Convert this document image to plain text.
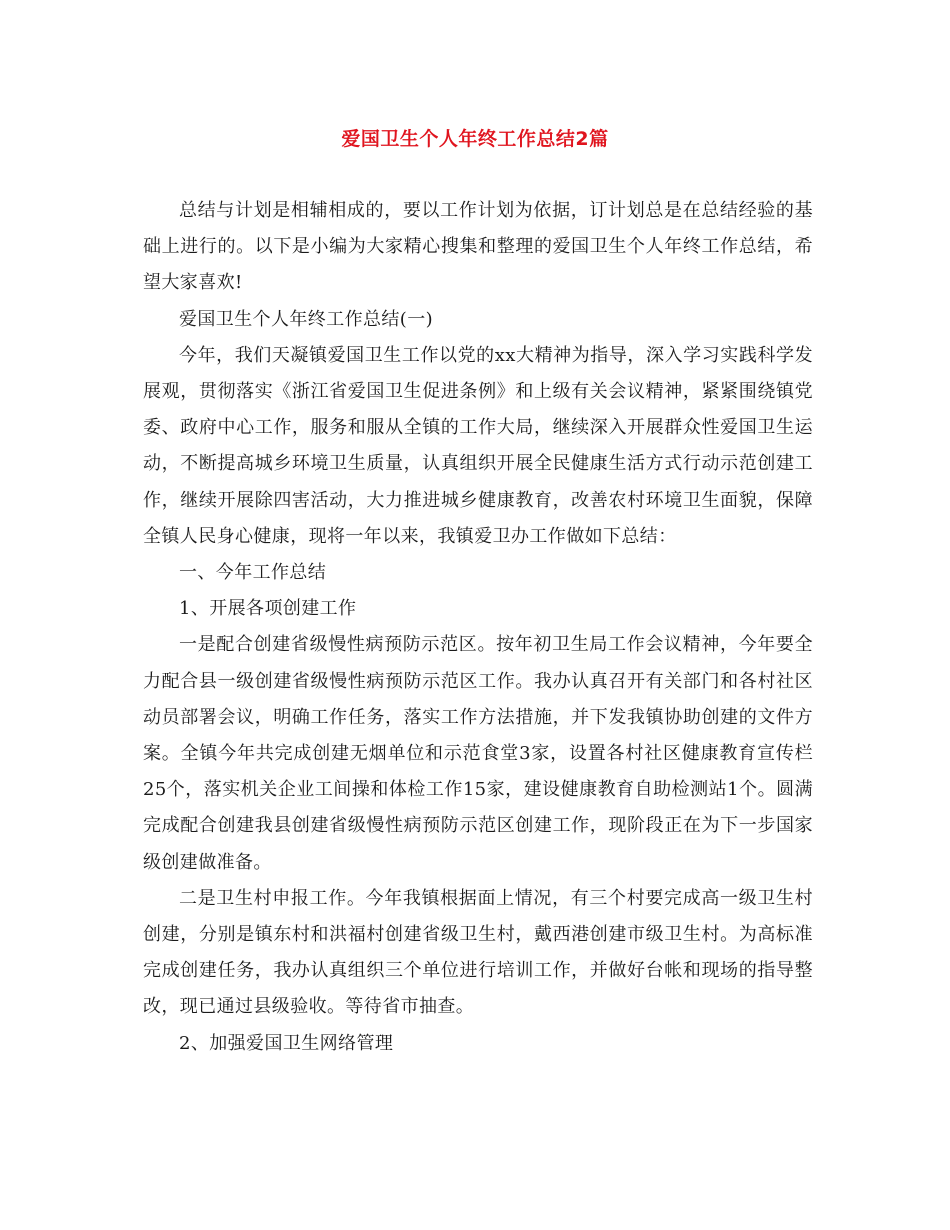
爱国卫生个人年终工作总结2篇

总结与计划是相辅相成的，要以工作计划为依据，订计划总是在总结经验的基础上进行的。以下是小编为大家精心搜集和整理的爱国卫生个人年终工作总结，希望大家喜欢!

爱国卫生个人年终工作总结(一)

今年，我们天凝镇爱国卫生工作以党的xx大精神为指导，深入学习实践科学发展观，贯彻落实《浙江省爱国卫生促进条例》和上级有关会议精神，紧紧围绕镇党委、政府中心工作，服务和服从全镇的工作大局，继续深入开展群众性爱国卫生运动，不断提高城乡环境卫生质量，认真组织开展全民健康生活方式行动示范创建工作，继续开展除四害活动，大力推进城乡健康教育，改善农村环境卫生面貌，保障全镇人民身心健康，现将一年以来，我镇爱卫办工作做如下总结：

一、今年工作总结

1、开展各项创建工作

一是配合创建省级慢性病预防示范区。按年初卫生局工作会议精神，今年要全力配合县一级创建省级慢性病预防示范区工作。我办认真召开有关部门和各村社区动员部署会议，明确工作任务，落实工作方法措施，并下发我镇协助创建的文件方案。全镇今年共完成创建无烟单位和示范食堂3家，设置各村社区健康教育宣传栏25个，落实机关企业工间操和体检工作15家，建设健康教育自助检测站1个。圆满完成配合创建我县创建省级慢性病预防示范区创建工作，现阶段正在为下一步国家级创建做准备。

二是卫生村申报工作。今年我镇根据面上情况，有三个村要完成高一级卫生村创建，分别是镇东村和洪福村创建省级卫生村，戴西港创建市级卫生村。为高标准完成创建任务，我办认真组织三个单位进行培训工作，并做好台帐和现场的指导整改，现已通过县级验收。等待省市抽查。

2、加强爱国卫生网络管理
